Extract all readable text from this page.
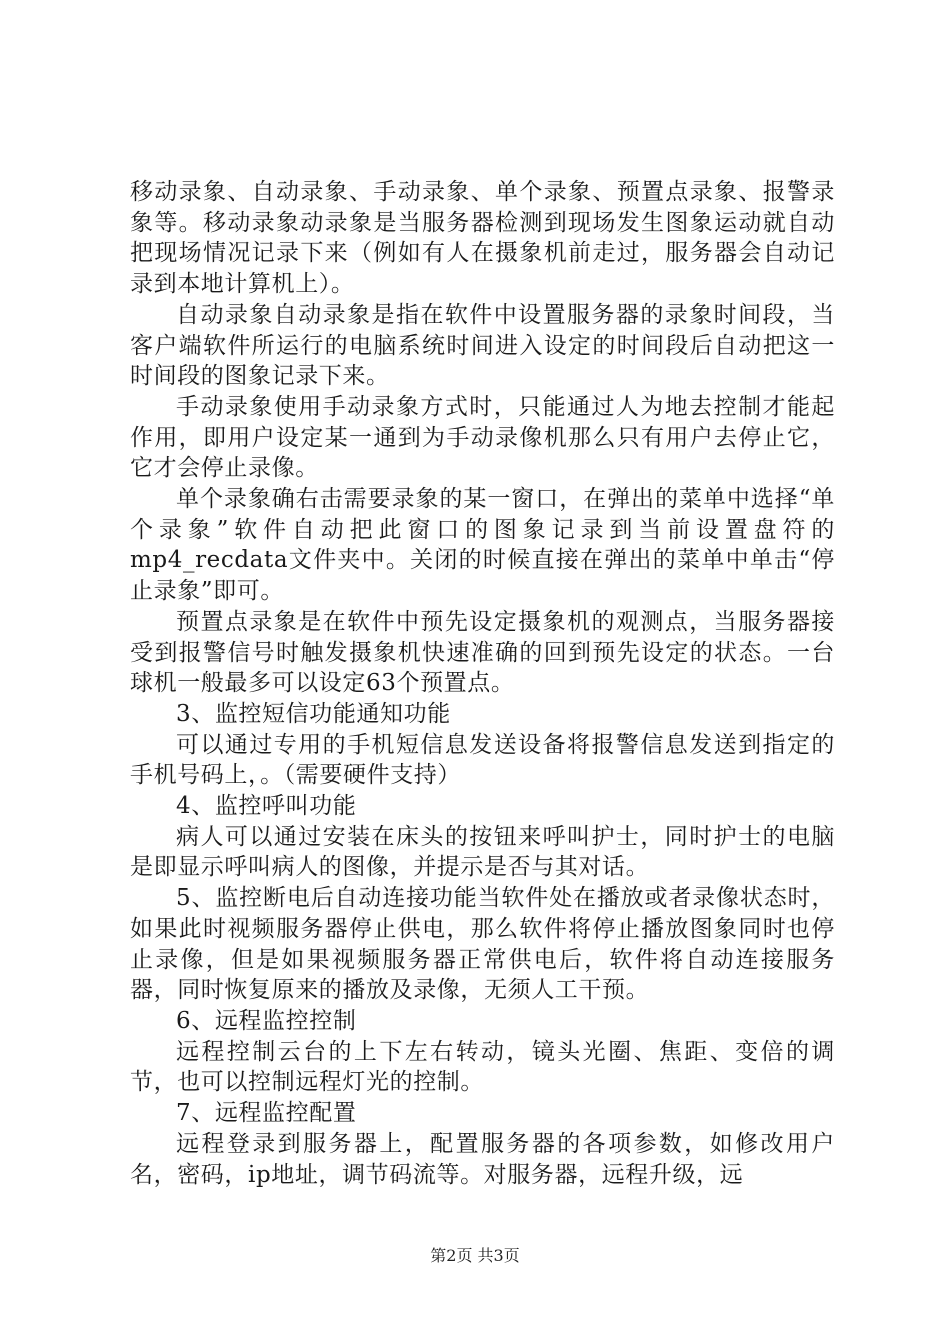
移动录象、自动录象、手动录象、单个录象、预置点录象、报警录象等。移动录象动录象是当服务器检测到现场发生图象运动就自动把现场情况记录下来（例如有人在摄象机前走过，服务器会自动记录到本地计算机上）。

自动录象自动录象是指在软件中设置服务器的录象时间段，当客户端软件所运行的电脑系统时间进入设定的时间段后自动把这一时间段的图象记录下来。

手动录象使用手动录象方式时，只能通过人为地去控制才能起作用，即用户设定某一通到为手动录像机那么只有用户去停止它，它才会停止录像。

单个录象确右击需要录象的某一窗口，在弹出的菜单中选择“单个录象”软件自动把此窗口的图象记录到当前设置盘符的mp4_recdata文件夹中。关闭的时候直接在弹出的菜单中单击“停止录象”即可。

预置点录象是在软件中预先设定摄象机的观测点，当服务器接受到报警信号时触发摄象机快速准确的回到预先设定的状态。一台球机一般最多可以设定63个预置点。

3、监控短信功能通知功能

可以通过专用的手机短信息发送设备将报警信息发送到指定的手机号码上，。（需要硬件支持）

4、监控呼叫功能

病人可以通过安装在床头的按钮来呼叫护士，同时护士的电脑是即显示呼叫病人的图像，并提示是否与其对话。

5、监控断电后自动连接功能当软件处在播放或者录像状态时，如果此时视频服务器停止供电，那么软件将停止播放图象同时也停止录像，但是如果视频服务器正常供电后，软件将自动连接服务器，同时恢复原来的播放及录像，无须人工干预。

6、远程监控控制

远程控制云台的上下左右转动，镜头光圈、焦距、变倍的调节，也可以控制远程灯光的控制。

7、远程监控配置

远程登录到服务器上，配置服务器的各项参数，如修改用户名，密码，ip地址，调节码流等。对服务器，远程升级，远

第2页 共3页
